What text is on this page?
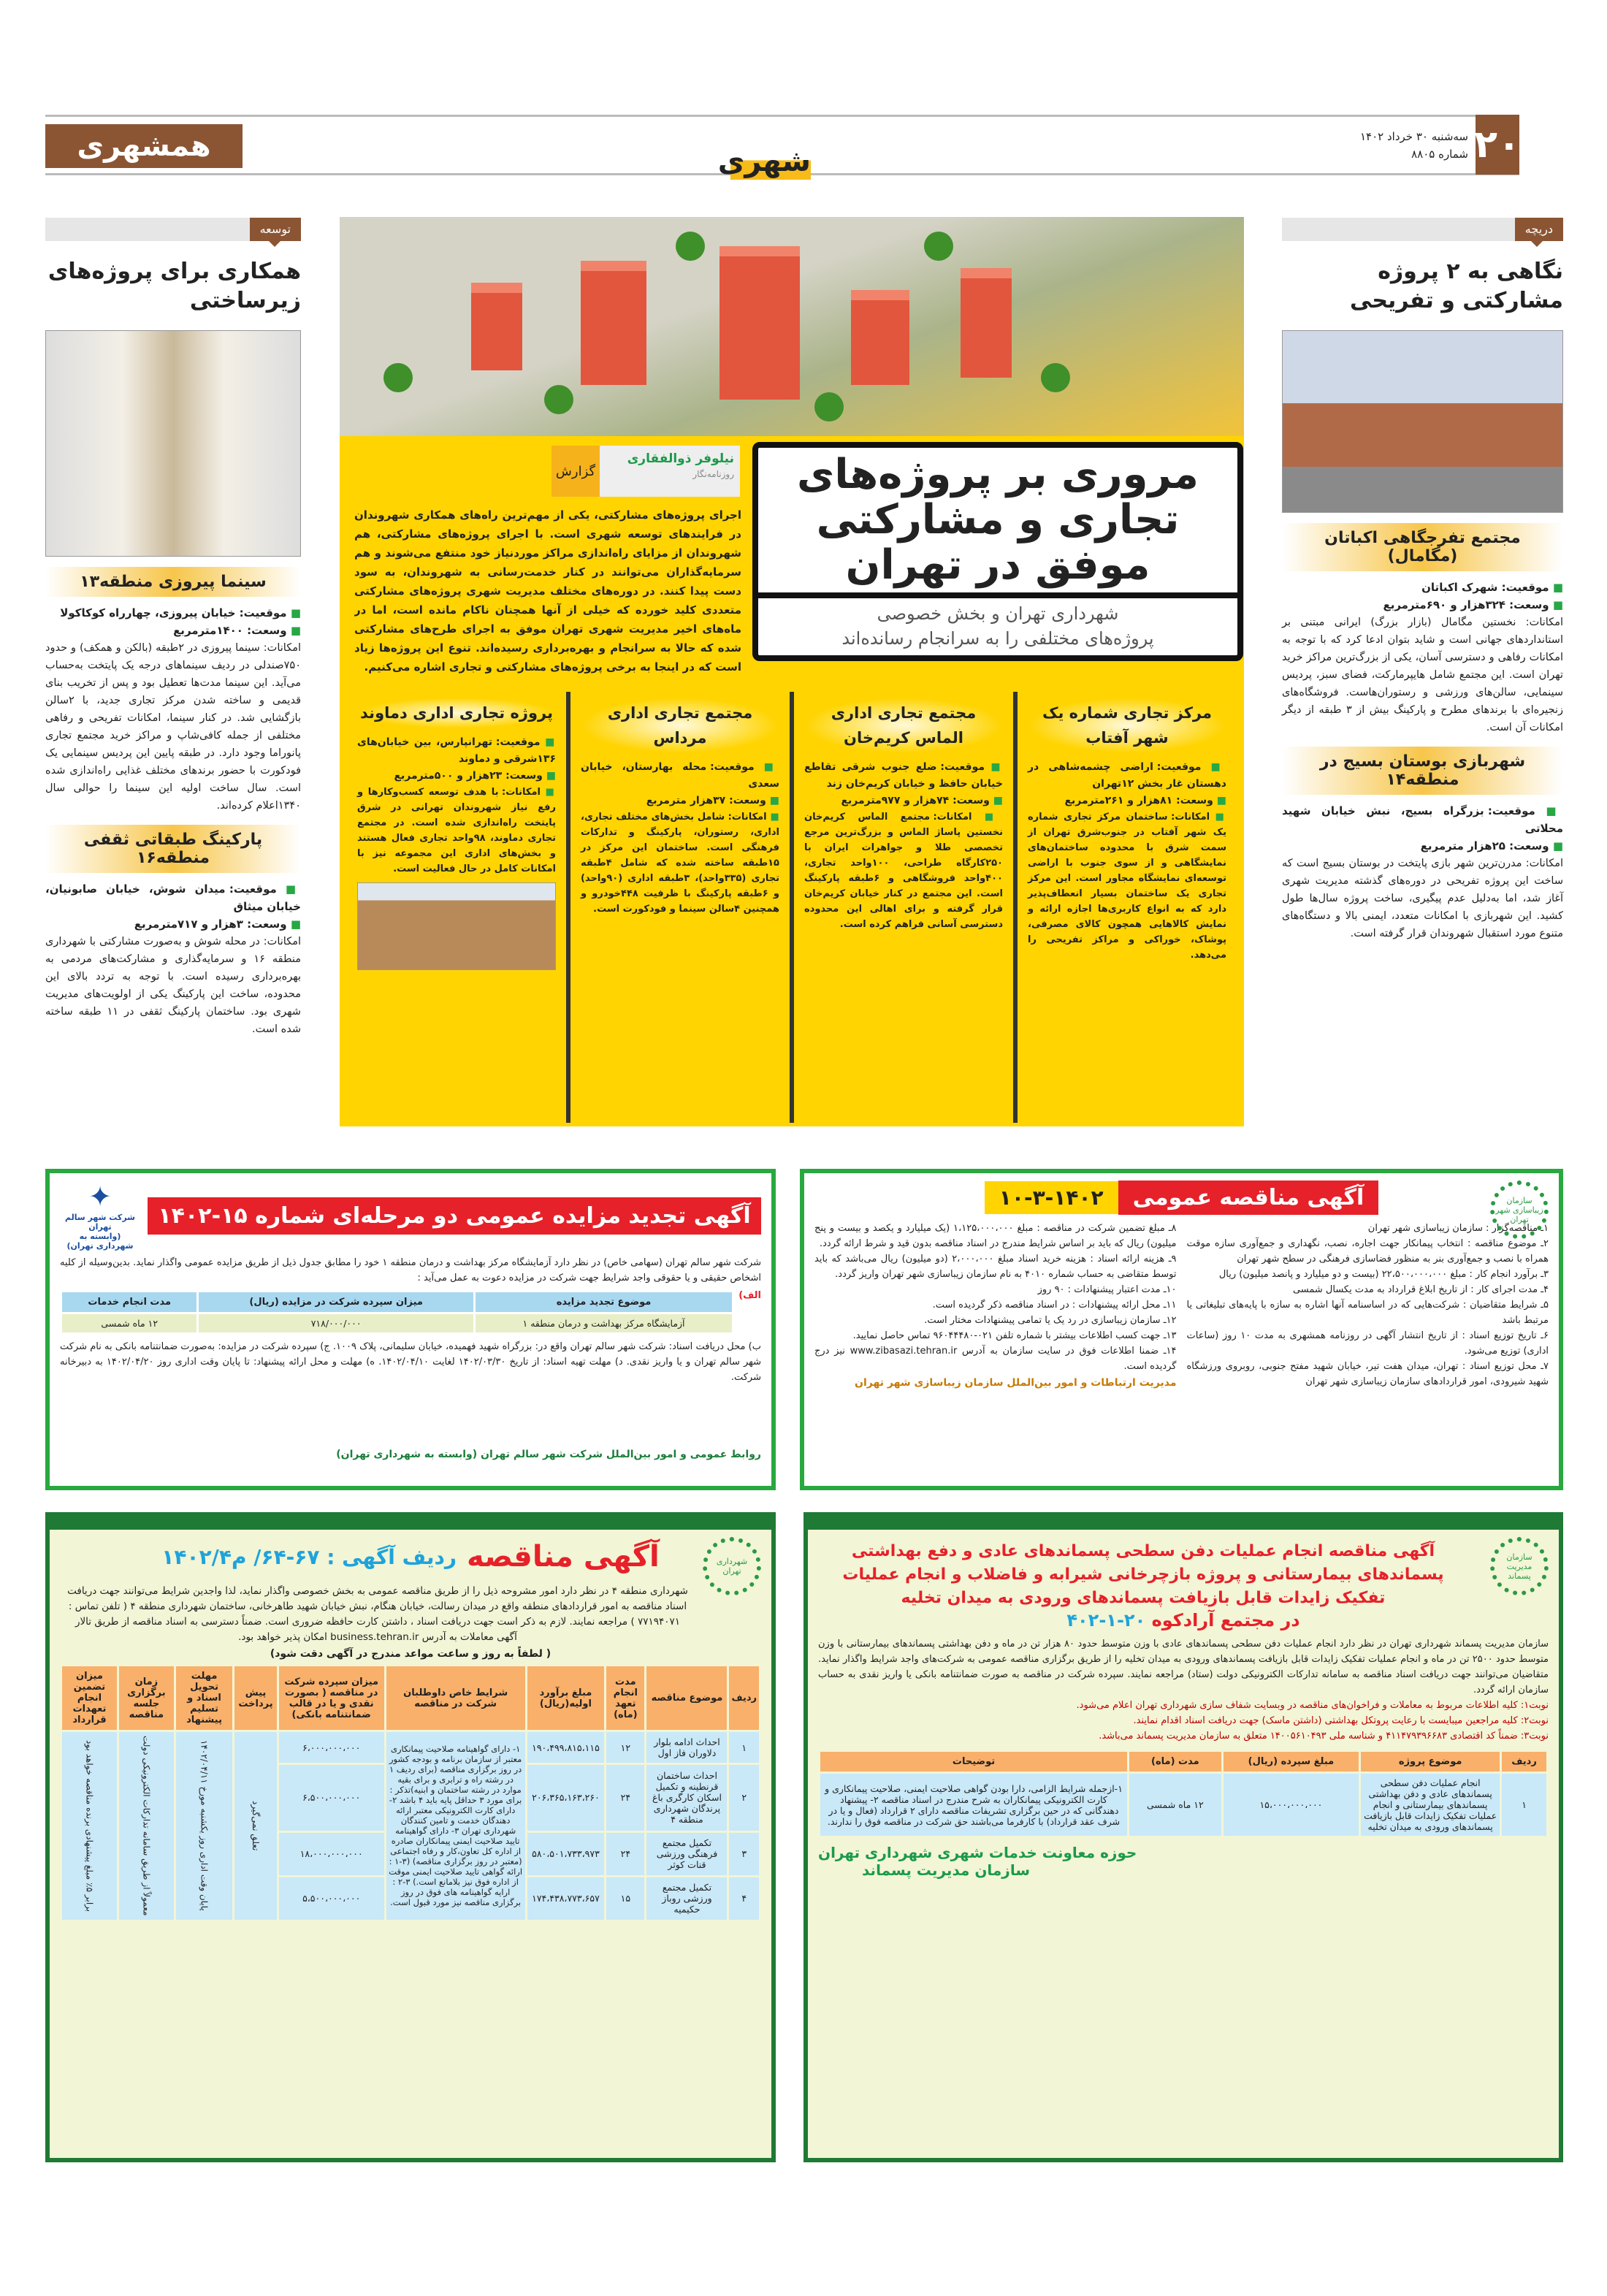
۲۰
سه‌شنبه ۳۰ خرداد ۱۴۰۲
شماره ۸۸۰۵
همشهری	شهری
دریچه
نگاهی به ۲ پروژه مشارکتی و تفریحی
مجتمع تفرجگاهی اکباتان (مگامال)
■ موقعیت: شهرک اکباتان
■ وسعت: ۳۲۴هزار و ۶۹۰مترمربع
امکانات: نخستین مگامال (بازار بزرگ) ایرانی مبتنی بر استانداردهای جهانی است و شاید بتوان ادعا کرد که با توجه به امکانات رفاهی و دسترسی آسان، یکی از بزرگ‌ترین مراکز خرید تهران است. این مجتمع شامل هایپرمارکت، فضای سبز، پردیس سینمایی، سالن‌های ورزشی و رستوران‌هاست. فروشگاه‌های زنجیره‌ای با برندهای مطرح و پارکینگ بیش از ۳ طبقه از دیگر امکانات آن است.
شهربازی بوستان بسیج در منطقه۱۴
■ موقعیت: بزرگراه بسیج، نبش خیابان شهید محلاتی
■ وسعت: ۲۵هزار مترمربع
امکانات: مدرن‌ترین شهر بازی پایتخت در بوستان بسیج است که ساخت این پروژه تفریحی در دوره‌های گذشته مدیریت شهری آغاز شد، اما به‌دلیل عدم پیگیری، ساخت پروژه سال‌ها طول کشید. این شهربازی با امکانات متعدد، ایمنی بالا و دستگاه‌های متنوع مورد استقبال شهروندان قرار گرفته است.
توسعه
همکاری برای پروژه‌های زیرساختی
سینما پیروزی منطقه۱۳
■ موقعیت: خیابان پیروزی، چهارراه کوکاکولا
■ وسعت: ۱۴۰۰مترمربع
امکانات: سینما پیروزی در ۲طبقه (بالکن و همکف) و حدود ۷۵۰صندلی در ردیف سینماهای درجه یک پایتخت به‌حساب می‌آید. این سینما مدت‌ها تعطیل بود و پس از تخریب بنای قدیمی و ساخته شدن مرکز تجاری جدید، با ۲سالن بازگشایی شد. در کنار سینما، امکانات تفریحی و رفاهی مختلفی از جمله کافی‌شاپ و مراکز خرید مجتمع تجاری پانوراما وجود دارد. در طبقه پایین این پردیس سینمایی یک فودکورت با حضور برندهای مختلف غذایی راه‌اندازی شده است. سال ساخت اولیه این سینما را حوالی سال ۱۳۴۰اعلام کرده‌اند.
پارکینگ طبقاتی ثقفی منطقه۱۶
■ موقعیت: میدان شوش، خیابان صابونیان، خیابان میثاق
■ وسعت: ۳هزار و ۷۱۷مترمربع
امکانات: در محله شوش و به‌صورت مشارکتی با شهرداری منطقه ۱۶ و سرمایه‌گذاری و مشارکت‌های مردمی به بهره‌برداری رسیده است. با توجه به تردد بالای این محدوده، ساخت این پارکینگ یکی از اولویت‌های مدیریت شهری بود. ساختمان پارکینگ ثقفی در ۱۱ طبقه ساخته شده است.
مروری بر پروژه‌های تجاری و مشارکتی موفق در تهران

شهرداری تهران و بخش خصوصی

پروژه‌های مختلفی را به سرانجام رسانده‌اند

نیلوفر ذوالفقاری
روزنامه‌نگار
گزارش
اجرای پروژه‌های مشارکتی، یکی از مهم‌ترین راه‌های همکاری شهروندان در فرایندهای توسعه شهری است. با اجرای پروژه‌های مشارکتی، هم شهروندان از مزایای راه‌اندازی مراکز موردنیاز خود منتفع می‌شوند و هم سرمایه‌گذاران می‌توانند در کنار خدمت‌رسانی به شهروندان، به سود دست پیدا کنند. در دوره‌های مختلف مدیریت شهری پروژه‌های مشارکتی متعددی کلید خورده که خیلی از آنها همچنان ناکام مانده است، اما در ماه‌های اخیر مدیریت شهری تهران موفق به اجرای طرح‌های مشارکتی شده که حالا به سرانجام و بهره‌برداری رسیده‌اند. تنوع این پروژه‌ها زیاد است که در اینجا به برخی پروژه‌های مشارکتی و تجاری اشاره می‌کنیم.
مرکز تجاری شماره یک شهر آفتاب
■ موقعیت: اراضی چشمه‌شاهی در دهستان غار بخش ۱۲تهران
■ وسعت: ۸۱هزار و ۲۶۱مترمربع
■ امکانات: ساختمان مرکز تجاری شماره یک شهر آفتاب در جنوب‌شرق تهران از سمت شرق با محدوده ساختمان‌های نمایشگاهی و از سوی جنوب با اراضی توسعه‌ای نمایشگاه مجاور است. این مرکز تجاری یک ساختمان بسیار انعطاف‌پذیر دارد که به انواع کاربری‌ها اجازه ارائه و نمایش کالاهایی همچون کالای مصرفی، پوشاک، خوراکی و مراکز تفریحی را می‌دهد.
مجتمع تجاری اداری الماس کریم‌خان
■ موقعیت: ضلع جنوب شرقی تقاطع خیابان حافظ و خیابان کریم‌خان زند
■ وسعت: ۷۴هزار و ۹۷۷مترمربع
■ امکانات: مجتمع الماس کریم‌خان نخستین پاساژ الماس و بزرگ‌ترین مرجع تخصصی طلا و جواهرات ایران با ۲۵۰کارگاه طراحی، ۱۰۰واحد تجاری، ۴۰۰واحد فروشگاهی و ۶طبقه پارکینگ است. این مجتمع در کنار خیابان کریم‌خان قرار گرفته و برای اهالی این محدوده دسترسی آسانی فراهم کرده است.
مجتمع تجاری اداری مرداس
■ موقعیت: محله بهارستان، خیابان سعدی
■ وسعت: ۳۷هزار مترمربع
■ امکانات: شامل بخش‌های مختلف تجاری، اداری، رستوران، پارکینگ و تدارکات فرهنگی است. ساختمان این مرکز در ۱۵طبقه ساخته شده که شامل ۴طبقه تجاری (۳۳۵واحد)، ۳طبقه اداری (۹۰واحد) و ۶طبقه پارکینگ با ظرفیت ۴۴۸خودرو و همچنین ۴سالن سینما و فودکورت است.
پروژه تجاری اداری دماوند
■ موقعیت: تهرانپارس، بین خیابان‌های ۱۳۶شرقی و دماوند
■ وسعت: ۲۳هزار و ۵۰۰مترمربع
■ امکانات: با هدف توسعه کسب‌وکارها و رفع نیاز شهروندان تهرانی در شرق پایتخت راه‌اندازی شده است. در مجتمع تجاری دماوند، ۹۸واحد تجاری فعال هستند و بخش‌های اداری این مجموعه نیز با امکانات کامل در حال فعالیت است.
آگهی تجدید مزایده عمومی دو مرحله‌ای شماره ۱۵-۱۴۰۲
✦
شرکت شهر سالم تهران
(وابسته به شهرداری تهران)
شرکت شهر سالم تهران (سهامی خاص) در نظر دارد آزمایشگاه مرکز بهداشت و درمان منطقه ۱ خود را مطابق جدول ذیل از طریق مزایده عمومی واگذار نماید. بدین‌وسیله از کلیه اشخاص حقیقی و یا حقوقی واجد شرایط جهت شرکت در مزایده دعوت به عمل می‌آید :
الف)
موضوع تجدید مزایده	میزان سپرده شرکت در مزایده (ریال)	مدت انجام خدمات
آزمایشگاه مرکز بهداشت و درمان منطقه ۱	۷۱۸/۰۰۰/۰۰۰	۱۲ ماه شمسی
ب) محل دریافت اسناد: شرکت شهر سالم تهران واقع در: بزرگراه شهید فهمیده، خیابان سلیمانی، پلاک ۱۰۰۹. ج) سپرده شرکت در مزایده: به‌صورت ضمانتنامه بانکی به نام شرکت شهر سالم تهران و یا واریز نقدی. د) مهلت تهیه اسناد: از تاریخ ۱۴۰۲/۰۳/۳۰ لغایت ۱۴۰۲/۰۴/۱۰. ه) مهلت و محل ارائه پیشنهاد: تا پایان وقت اداری روز ۱۴۰۲/۰۴/۲۰ به دبیرخانه شرکت.
روابط عمومی و امور بین‌الملل شرکت شهر سالم تهران (وابسته به شهرداری تهران)
آگهی مناقصه عمومی
۱۰-۳-۱۴۰۲	سازمان زیباسازی شهر تهران
۱ـ مناقصه‌گزار : سازمان زیباسازی شهر تهران
۲ـ موضوع مناقصه : انتخاب پیمانکار جهت اجاره، نصب، نگهداری و جمع‌آوری سازه موقت همراه با نصب و جمع‌آوری بنر به منظور فضاسازی فرهنگی در سطح شهر تهران
۳ـ برآورد انجام کار : مبلغ ۲۲،۵۰۰،۰۰۰،۰۰۰ (بیست و دو میلیارد و پانصد میلیون) ریال
۴ـ مدت اجرای کار : از تاریخ ابلاغ قرارداد به مدت یکسال شمسی
۵ـ شرایط متقاضیان : شرکت‌هایی که در اساسنامه آنها اشاره به سازه با پایه‌های تبلیغاتی یا مرتبط باشد
۶ـ تاریخ توزیع اسناد : از تاریخ انتشار آگهی در روزنامه همشهری به مدت ۱۰ روز (ساعات اداری) توزیع می‌شود.
۷ـ محل توزیع اسناد : تهران، میدان هفت تیر، خیابان شهید مفتح جنوبی، روبروی ورزشگاه شهید شیرودی، امور قراردادهای سازمان زیباسازی شهر تهران
۸ـ مبلغ تضمین شرکت در مناقصه : مبلغ ۱،۱۲۵،۰۰۰،۰۰۰ (یک میلیارد و یکصد و بیست و پنج میلیون) ریال که باید بر اساس شرایط مندرج در اسناد مناقصه بدون قید و شرط ارائه گردد.
۹ـ هزینه ارائه اسناد : هزینه خرید اسناد مبلغ ۲،۰۰۰،۰۰۰ (دو میلیون) ریال می‌باشد که باید توسط متقاضی به حساب شماره ۴۰۱۰ به نام سازمان زیباسازی شهر تهران واریز گردد.
۱۰ـ مدت اعتبار پیشنهادات : ۹۰ روز
۱۱ـ محل ارائه پیشنهادات : در اسناد مناقصه ذکر گردیده است.
۱۲ـ سازمان زیباسازی در رد یک یا تمامی پیشنهادات مختار است.
۱۳ـ جهت کسب اطلاعات بیشتر با شماره تلفن ۰۲۱-۹۶۰۴۴۴۸۰ تماس حاصل نمایید.
۱۴ـ ضمنا اطلاعات فوق در سایت سازمان به آدرس www.zibasazi.tehran.ir نیز درج گردیده است.
مدیریت ارتباطات و امور بین‌الملل سازمان زیباسازی شهر تهران
آگهی مناقصه
ردیف آگهی : ۶۷-۶۴/ م۱۴۰۲/۴	شهرداری تهران
شهرداری منطقه ۴ در نظر دارد امور مشروحه ذیل را از طریق مناقصه عمومی به بخش خصوصی واگذار نماید، لذا واجدین شرایط می‌توانند جهت دریافت اسناد مناقصه به امور قراردادهای منطقه واقع در میدان رسالت، خیابان هنگام، نبش خیابان شهید طاهرخانی، ساختمان شهرداری منطقه ۴ ( تلفن تماس : ۷۷۱۹۴۰۷۱ ) مراجعه نمایند. لازم به ذکر است جهت دریافت اسناد ، داشتن کارت حافظه ضروری است. ضمناً دسترسی به اسناد مناقصه از طریق تالار آگهی معاملات به آدرس business.tehran.ir امکان پذیر خواهد بود.
( لطفاً به روز و ساعت مواعد مندرج در آگهی دقت شود)
ردیف	موضوع مناقصه	مدت انجام تعهد (ماه)	مبلغ برآورد اولیه(ریال)	شرایط خاص داوطلبان شرکت در مناقصه	میزان سپرده شرکت در مناقصه ( بصورت نقدی و یا در قالب ضمانتنامه بانکی)	پیش پرداخت	مهلت تحویل اسناد و تسلیم پیشنهاد	زمان برگزاری جلسه مناقصه	میزان تضمین انجام تعهدات قرارداد
۱	احداث ادامه بلوار دلاوران فاز اول	۱۲	۱۹۰،۴۹۹،۸۱۵،۱۱۵	۱- دارای گواهینامه صلاحیت پیمانکاری معتبر از سازمان برنامه و بودجه کشور در روز برگزاری مناقصه (برای ردیف ۱ در رشته راه و ترابری و برای بقیه موارد در رشته ساختمان و ابنیه)تذکر : برای مورد ۳ حداقل پایه باید ۴ باشد ۲- دارای کارت الکترونیکی معتبر ارائه دهندگان خدمت و تامین کنندگان شهرداری تهران ۳- دارای گواهینامه تایید صلاحیت ایمنی پیمانکاران صادره از اداره کل تعاون،کار و رفاه اجتماعی (معتبر در روز برگزاری مناقصه) (۳-۱ : ارائه گواهی تایید صلاحیت ایمنی موقت از اداره فوق نیز بلامانع است.) ۳-۲ : ارایه گواهینامه های فوق در روز برگزاری مناقصه نیز مورد قبول است.	۶،۰۰۰،۰۰۰،۰۰۰	تعلق نمی‌گیرد	پایان وقت اداری روز یکشنبه مورخ ۱۴۰۲/۰۴/۱۱	معمولاً از طریق سامانه تدارکات الکترونیکی دولت	برابر ۵٪ مبلغ پیشنهادی برنده مناقصه خواهد بود
۲	احداث ساختمان قرنطینه و تکمیل اسکان کارگری باغ پرندگان شهرداری منطقه ۴	۲۴	۲۰۶،۳۶۵،۱۶۳،۲۶۰		۶،۵۰۰،۰۰۰،۰۰۰				
۳	تکمیل مجتمع فرهنگی ورزشی قنات کوثر	۲۴	۵۸۰،۵۰۱،۷۳۳،۹۷۳		۱۸،۰۰۰،۰۰۰،۰۰۰				
۴	تکمیل مجتمع ورزشی روباز حکیمیه	۱۵	۱۷۴،۴۳۸،۷۷۳،۶۵۷		۵،۵۰۰،۰۰۰،۰۰۰				
سازمان مدیریت پسماند
آگهی مناقصه انجام عملیات دفن سطحی پسماندهای عادی و دفع بهداشتی پسماندهای بیمارستانی و پروژه بازچرخانی شیرابه و فاضلاب و انجام عملیات تفکیک زایدات قابل بازیافت پسماندهای ورودی به میدان تخلیه
در مجتمع آرادکوه ۲۰-۱-۴۰۲
سازمان مدیریت پسماند شهرداری تهران در نظر دارد انجام عملیات دفن سطحی پسماندهای عادی با وزن متوسط حدود ۸۰ هزار تن در ماه و دفن بهداشتی پسماندهای بیمارستانی با وزن متوسط حدود ۲۵۰۰ تن در ماه و انجام عملیات تفکیک زایدات قابل بازیافت پسماندهای ورودی به میدان تخلیه را از طریق برگزاری مناقصه عمومی به شرکت‌های واجد شرایط واگذار نماید. متقاضیان می‌توانند جهت دریافت اسناد مناقصه به سامانه تدارکات الکترونیکی دولت (ستاد) مراجعه نمایند. سپرده شرکت در مناقصه به صورت ضمانتنامه بانکی یا واریز نقدی به حساب سازمان ارائه گردد.
نوبت۱: کلیه اطلاعات مربوط به معاملات و فراخوان‌های مناقصه در وبسایت شفاف سازی شهرداری تهران اعلام می‌شود.
نوبت۲: کلیه مراجعین میبایست با رعایت پروتکل بهداشتی (داشتن ماسک) جهت دریافت اسناد اقدام نمایند.
نوبت۳: ضمناً کد اقتصادی ۴۱۱۴۷۹۳۹۶۶۸۳ و شناسه ملی ۱۴۰۰۵۶۱۰۴۹۳ متعلق به سازمان مدیریت پسماند می‌باشد.
ردیف	موضوع پروژه	مبلغ سپرده (ریال)	مدت (ماه)	توضیحات
۱	انجام عملیات دفن سطحی پسماندهای عادی و دفن بهداشتی پسماندهای بیمارستانی و انجام عملیات تفکیک زایدات قابل بازیافت پسماندهای ورودی به میدان تخلیه	۱۵،۰۰۰،۰۰۰،۰۰۰	۱۲ ماه شمسی	۱-ازجمله شرایط الزامی، دارا بودن گواهی صلاحیت ایمنی، صلاحیت پیمانکاری و کارت الکترونیکی پیمانکاران به شرح مندرج در اسناد مناقصه ۲- پیشنهاد دهندگانی که در حین برگزاری تشریفات مناقصه دارای ۲ قرارداد (فعال و یا در شرف عقد قرارداد) با کارفرما می‌باشند حق شرکت در مناقصه فوق را ندارند.
حوزه معاونت خدمات شهری شهرداری تهران
سازمان مدیریت پسماند
